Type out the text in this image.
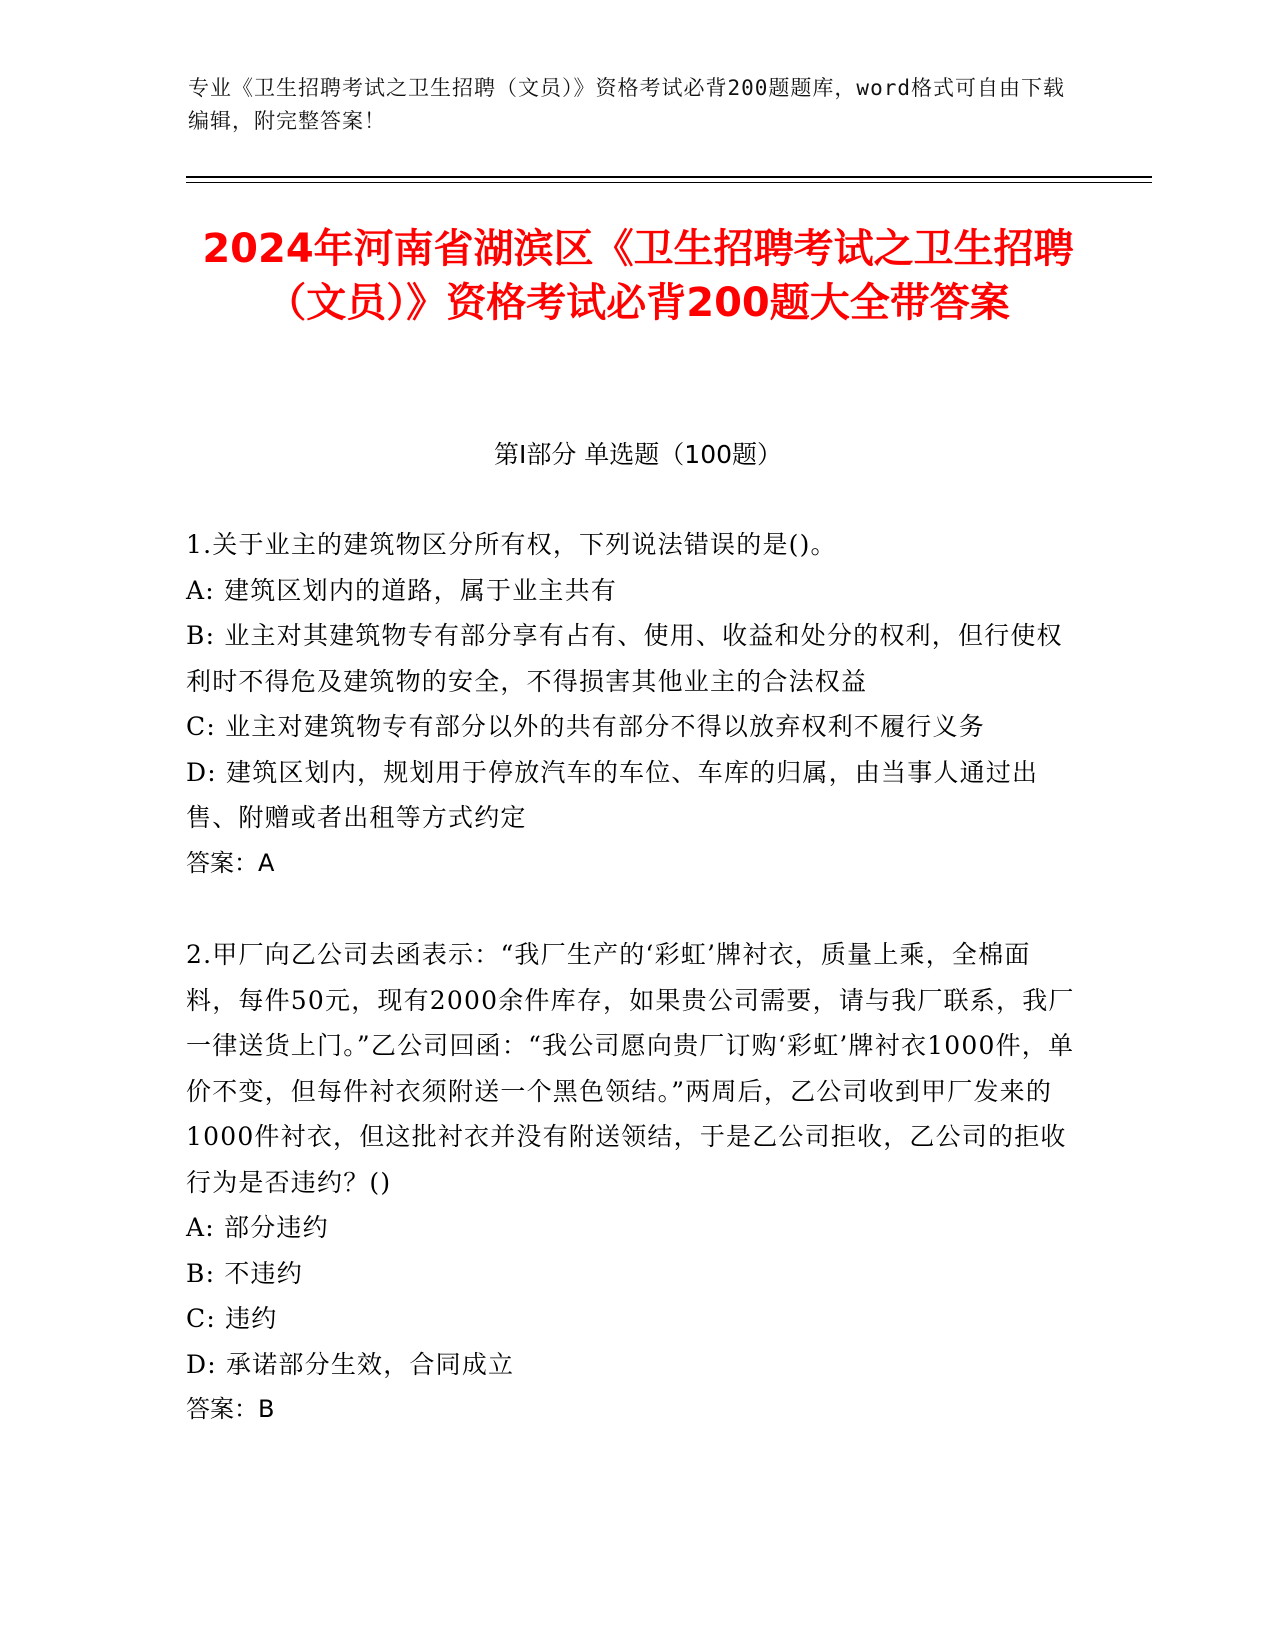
专业《卫生招聘考试之卫生招聘（文员）》资格考试必背200题题库，word格式可自由下载编辑，附完整答案！
2024年河南省湖滨区《卫生招聘考试之卫生招聘（文员）》资格考试必背200题大全带答案
第I部分 单选题（100题）

1.关于业主的建筑物区分所有权，下列说法错误的是()。

A: 建筑区划内的道路，属于业主共有

B: 业主对其建筑物专有部分享有占有、使用、收益和处分的权利，但行使权利时不得危及建筑物的安全，不得损害其他业主的合法权益

C: 业主对建筑物专有部分以外的共有部分不得以放弃权利不履行义务

D: 建筑区划内，规划用于停放汽车的车位、车库的归属，由当事人通过出售、附赠或者出租等方式约定

答案：A

2.甲厂向乙公司去函表示：“我厂生产的‘彩虹’牌衬衣，质量上乘，全棉面料，每件50元，现有2000余件库存，如果贵公司需要，请与我厂联系，我厂一律送货上门。”乙公司回函：“我公司愿向贵厂订购‘彩虹’牌衬衣1000件，单价不变，但每件衬衣须附送一个黑色领结。”两周后，乙公司收到甲厂发来的1000件衬衣，但这批衬衣并没有附送领结，于是乙公司拒收，乙公司的拒收行为是否违约？()

A: 部分违约

B: 不违约

C: 违约

D: 承诺部分生效，合同成立

答案：B
